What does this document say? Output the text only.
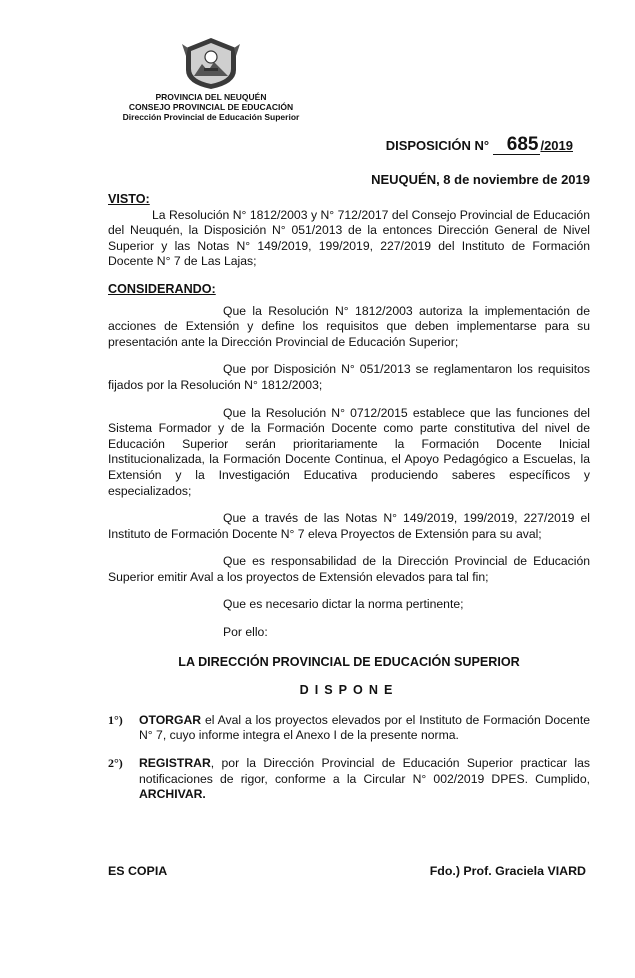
PROVINCIA DEL NEUQUÉN
CONSEJO PROVINCIAL DE EDUCACIÓN
Dirección Provincial de Educación Superior
DISPOSICIÓN N° 685 /2019
NEUQUÉN, 8 de noviembre de 2019
VISTO:

La Resolución N° 1812/2003 y N° 712/2017 del Consejo Provincial de Educación del Neuquén, la Disposición N° 051/2013 de la entonces Dirección General de Nivel Superior y las Notas N° 149/2019, 199/2019, 227/2019 del Instituto de Formación Docente N° 7 de Las Lajas;

CONSIDERANDO:

Que la Resolución N° 1812/2003 autoriza la implementación de acciones de Extensión y define los requisitos que deben implementarse para su presentación ante la Dirección Provincial de Educación Superior;

Que por Disposición N° 051/2013 se reglamentaron los requisitos fijados por la Resolución N° 1812/2003;

Que la Resolución N° 0712/2015 establece que las funciones del Sistema Formador y de la Formación Docente como parte constitutiva del nivel de Educación Superior serán prioritariamente la Formación Docente Inicial Institucionalizada, la Formación Docente Continua, el Apoyo Pedagógico a Escuelas, la Extensión y la Investigación Educativa produciendo saberes específicos y especializados;

Que a través de las Notas N° 149/2019, 199/2019, 227/2019 el Instituto de Formación Docente N° 7 eleva Proyectos de Extensión para su aval;

Que es responsabilidad de la Dirección Provincial de Educación Superior emitir Aval a los proyectos de Extensión elevados para tal fin;

Que es necesario dictar la norma pertinente;

Por ello:

LA DIRECCIÓN PROVINCIAL DE EDUCACIÓN SUPERIOR
DISPONE
1°) OTORGAR el Aval a los proyectos elevados por el Instituto de Formación Docente N° 7, cuyo informe integra el Anexo I de la presente norma.

2°) REGISTRAR, por la Dirección Provincial de Educación Superior practicar las notificaciones de rigor, conforme a la Circular N° 002/2019 DPES. Cumplido, ARCHIVAR.

ES COPIA	Fdo.) Prof. Graciela VIARD
